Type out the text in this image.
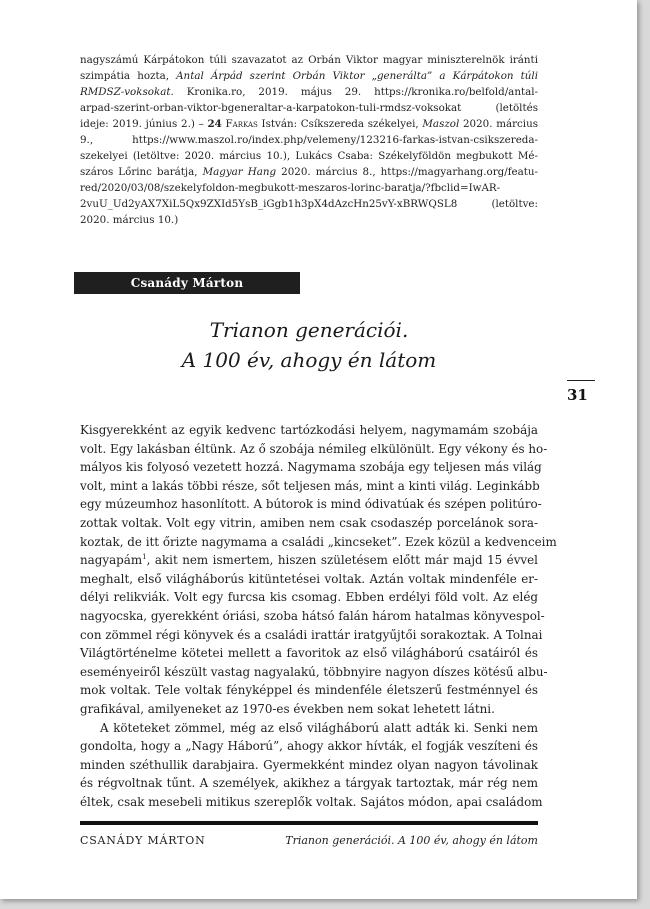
nagyszámú Kárpátokon túli szavazatot az Orbán Viktor magyar miniszterelnök iránti
szimpátia hozta, Antal Árpád szerint Orbán Viktor „generálta” a Kárpátokon túli
RMDSZ-voksokat. Kronika.ro, 2019. május 29. https://kronika.ro/belfold/antal-
arpad-szerint-orban-viktor-bgeneraltar-a-karpatokon-tuli-rmdsz-voksokat (letöltés
ideje: 2019. június 2.) – 24 Farkas István: Csíkszereda székelyei, Maszol 2020. március
9., https://www.maszol.ro/index.php/velemeny/123216-farkas-istvan-csikszereda-
szekelyei (letöltve: 2020. március 10.), Lukács Csaba: Székelyföldön megbukott Mé-
száros Lőrinc barátja, Magyar Hang 2020. március 8., https://magyarhang.org/featu-
red/2020/03/08/szekelyfoldon-megbukott-meszaros-lorinc-baratja/?fbclid=IwAR-
2vuU_Ud2yAX7XiL5Qx9ZXId5YsB_iGgb1h3pX4dAzcHn25vY-xBRWQSL8 (letöltve:
2020. március 10.)
Csanády Márton
Trianon generációi.
A 100 év, ahogy én látom
31
Kisgyerekként az egyik kedvenc tartózkodási helyem, nagymamám szobája
volt. Egy lakásban éltünk. Az ő szobája némileg elkülönült. Egy vékony és ho-
mályos kis folyosó vezetett hozzá. Nagymama szobája egy teljesen más világ
volt, mint a lakás többi része, sőt teljesen más, mint a kinti világ. Leginkább
egy múzeumhoz hasonlított. A bútorok is mind ódivatúak és szépen politúro-
zottak voltak. Volt egy vitrin, amiben nem csak csodaszép porcelánok sora-
koztak, de itt őrizte nagymama a családi „kincseket”. Ezek közül a kedvenceim
nagyapám$^1$, akit nem ismertem, hiszen születésem előtt már majd 15 évvel
meghalt, első világháborús kitüntetései voltak. Aztán voltak mindenféle er-
délyi relikviák. Volt egy furcsa kis csomag. Ebben erdélyi föld volt. Az elég
nagyocska, gyerekként óriási, szoba hátsó falán három hatalmas könyvespol-
con zömmel régi könyvek és a családi irattár iratgyűjtői sorakoztak. A Tolnai
Világtörténelme kötetei mellett a favoritok az első világháború csatáiról és
eseményeiről készült vastag nagyalakú, többnyire nagyon díszes kötésű albu-
mok voltak. Tele voltak fényképpel és mindenféle életszerű festménnyel és
grafikával, amilyeneket az 1970-es években nem sokat lehetett látni.
A köteteket zömmel, még az első világháború alatt adták ki. Senki nem
gondolta, hogy a „Nagy Háború”, ahogy akkor hívták, el fogják veszíteni és
minden széthullik darabjaira. Gyermekként mindez olyan nagyon távolinak
és régvoltnak tűnt. A személyek, akikhez a tárgyak tartoztak, már rég nem
éltek, csak mesebeli mitikus szereplők voltak. Sajátos módon, apai családom
CSANÁDY MÁRTON	Trianon generációi. A 100 év, ahogy én látom
